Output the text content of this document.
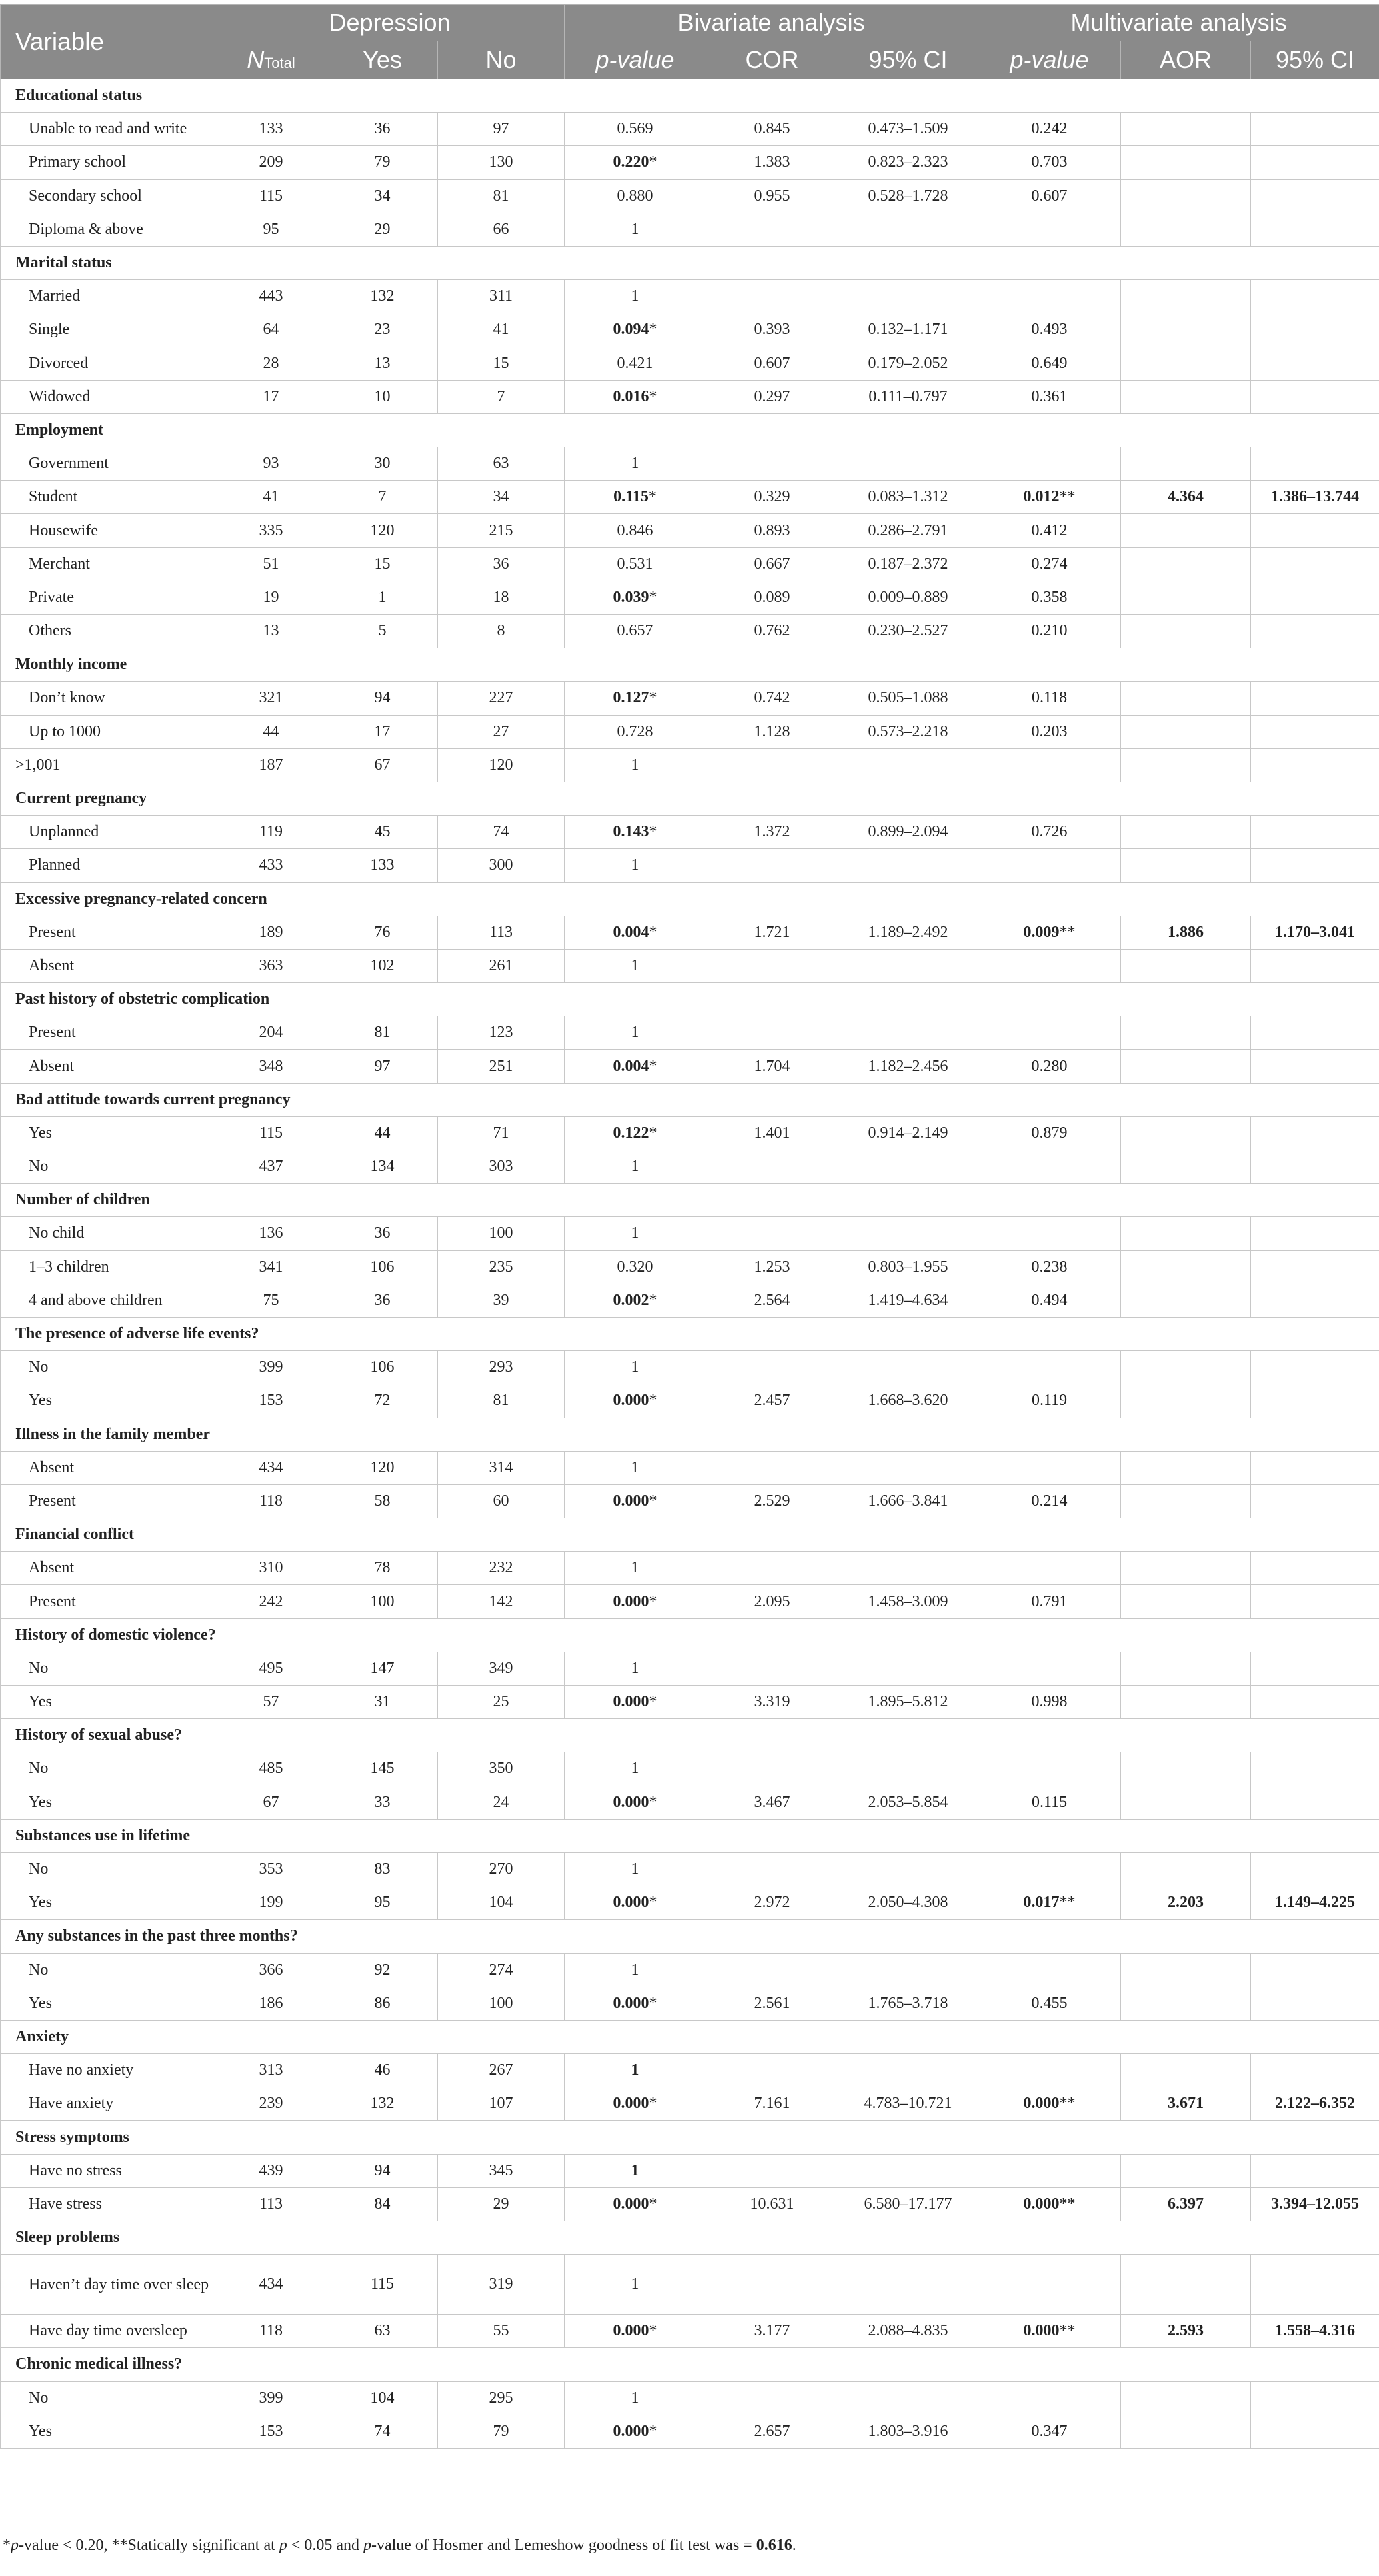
Variable	Depression			Bivariate analysis			Multivariate analysis		
	NTotal	Yes	No	p-value	COR	95% CI	p-value	AOR	95% CI
Educational status									
Unable to read and write	133	36	97	0.569	0.845	0.473–1.509	0.242		
Primary school	209	79	130	0.220*	1.383	0.823–2.323	0.703		
Secondary school	115	34	81	0.880	0.955	0.528–1.728	0.607		
Diploma & above	95	29	66	1					
Marital status									
Married	443	132	311	1					
Single	64	23	41	0.094*	0.393	0.132–1.171	0.493		
Divorced	28	13	15	0.421	0.607	0.179–2.052	0.649		
Widowed	17	10	7	0.016*	0.297	0.111–0.797	0.361		
Employment									
Government	93	30	63	1					
Student	41	7	34	0.115*	0.329	0.083–1.312	0.012**	4.364	1.386–13.744
Housewife	335	120	215	0.846	0.893	0.286–2.791	0.412		
Merchant	51	15	36	0.531	0.667	0.187–2.372	0.274		
Private	19	1	18	0.039*	0.089	0.009–0.889	0.358		
Others	13	5	8	0.657	0.762	0.230–2.527	0.210		
Monthly income									
Don’t know	321	94	227	0.127*	0.742	0.505–1.088	0.118		
Up to 1000	44	17	27	0.728	1.128	0.573–2.218	0.203		
>1,001	187	67	120	1					
Current pregnancy									
Unplanned	119	45	74	0.143*	1.372	0.899–2.094	0.726		
Planned	433	133	300	1					
Excessive pregnancy-related concern									
Present	189	76	113	0.004*	1.721	1.189–2.492	0.009**	1.886	1.170–3.041
Absent	363	102	261	1					
Past history of obstetric complication									
Present	204	81	123	1					
Absent	348	97	251	0.004*	1.704	1.182–2.456	0.280		
Bad attitude towards current pregnancy									
Yes	115	44	71	0.122*	1.401	0.914–2.149	0.879		
No	437	134	303	1					
Number of children									
No child	136	36	100	1					
1–3 children	341	106	235	0.320	1.253	0.803–1.955	0.238		
4 and above children	75	36	39	0.002*	2.564	1.419–4.634	0.494		
The presence of adverse life events?									
No	399	106	293	1					
Yes	153	72	81	0.000*	2.457	1.668–3.620	0.119		
Illness in the family member									
Absent	434	120	314	1					
Present	118	58	60	0.000*	2.529	1.666–3.841	0.214		
Financial conflict									
Absent	310	78	232	1					
Present	242	100	142	0.000*	2.095	1.458–3.009	0.791		
History of domestic violence?									
No	495	147	349	1					
Yes	57	31	25	0.000*	3.319	1.895–5.812	0.998		
History of sexual abuse?									
No	485	145	350	1					
Yes	67	33	24	0.000*	3.467	2.053–5.854	0.115		
Substances use in lifetime									
No	353	83	270	1					
Yes	199	95	104	0.000*	2.972	2.050–4.308	0.017**	2.203	1.149–4.225
Any substances in the past three months?									
No	366	92	274	1					
Yes	186	86	100	0.000*	2.561	1.765–3.718	0.455		
Anxiety									
Have no anxiety	313	46	267	1					
Have anxiety	239	132	107	0.000*	7.161	4.783–10.721	0.000**	3.671	2.122–6.352
Stress symptoms									
Have no stress	439	94	345	1					
Have stress	113	84	29	0.000*	10.631	6.580–17.177	0.000**	6.397	3.394–12.055
Sleep problems									
Haven’t day time over sleep	434	115	319	1					
Have day time oversleep	118	63	55	0.000*	3.177	2.088–4.835	0.000**	2.593	1.558–4.316
Chronic medical illness?									
No	399	104	295	1					
Yes	153	74	79	0.000*	2.657	1.803–3.916	0.347		
*p-value < 0.20, **Statically significant at p < 0.05 and p-value of Hosmer and Lemeshow goodness of fit test was = 0.616.
